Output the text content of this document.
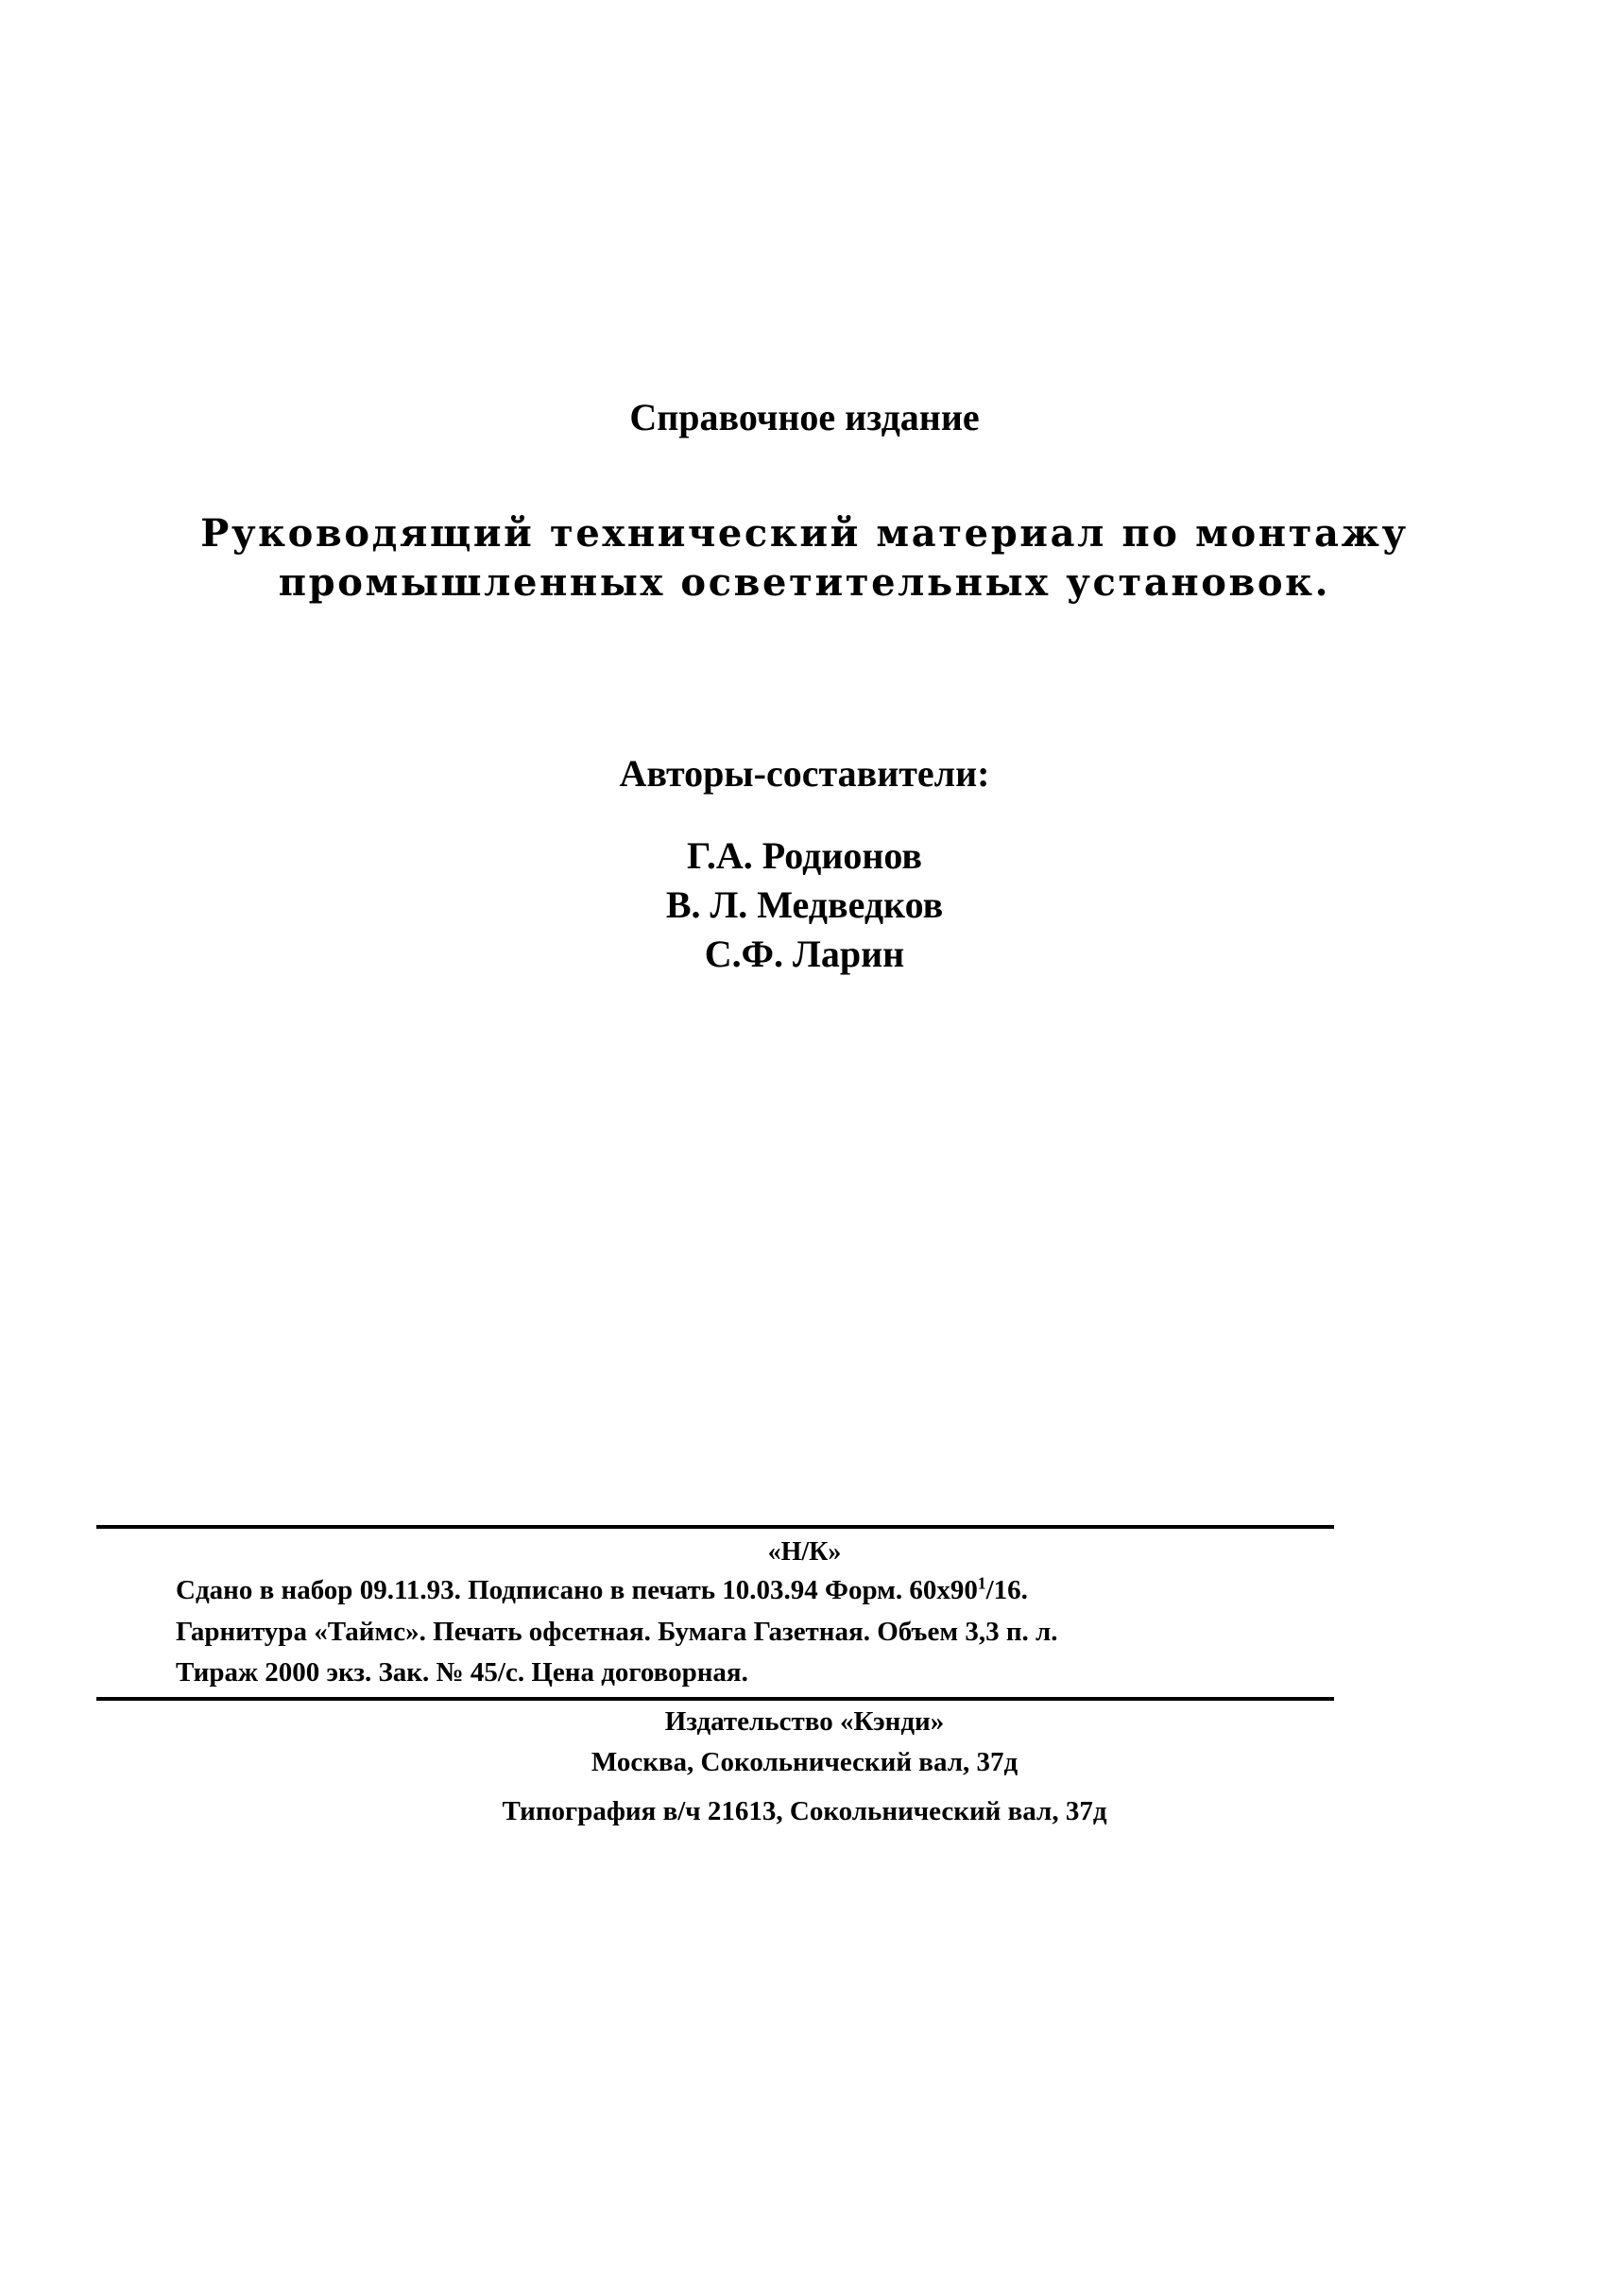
Справочное издание
Руководящий технический материал по монтажу
промышленных осветительных установок.
Авторы-составители:
Г.А. Родионов
В. Л. Медведков
С.Ф. Ларин
«Н/К»
Сдано в набор 09.11.93. Подписано в печать 10.03.94 Форм. $60х90^1/16$.
Гарнитура «Таймс». Печать офсетная. Бумага Газетная. Объем 3,3 п. л.
Тираж 2000 экз. Зак. № 45/с. Цена договорная.
Издательство «Кэнди»
Москва, Сокольнический вал, 37д
Типография в/ч 21613, Сокольнический вал, 37д
